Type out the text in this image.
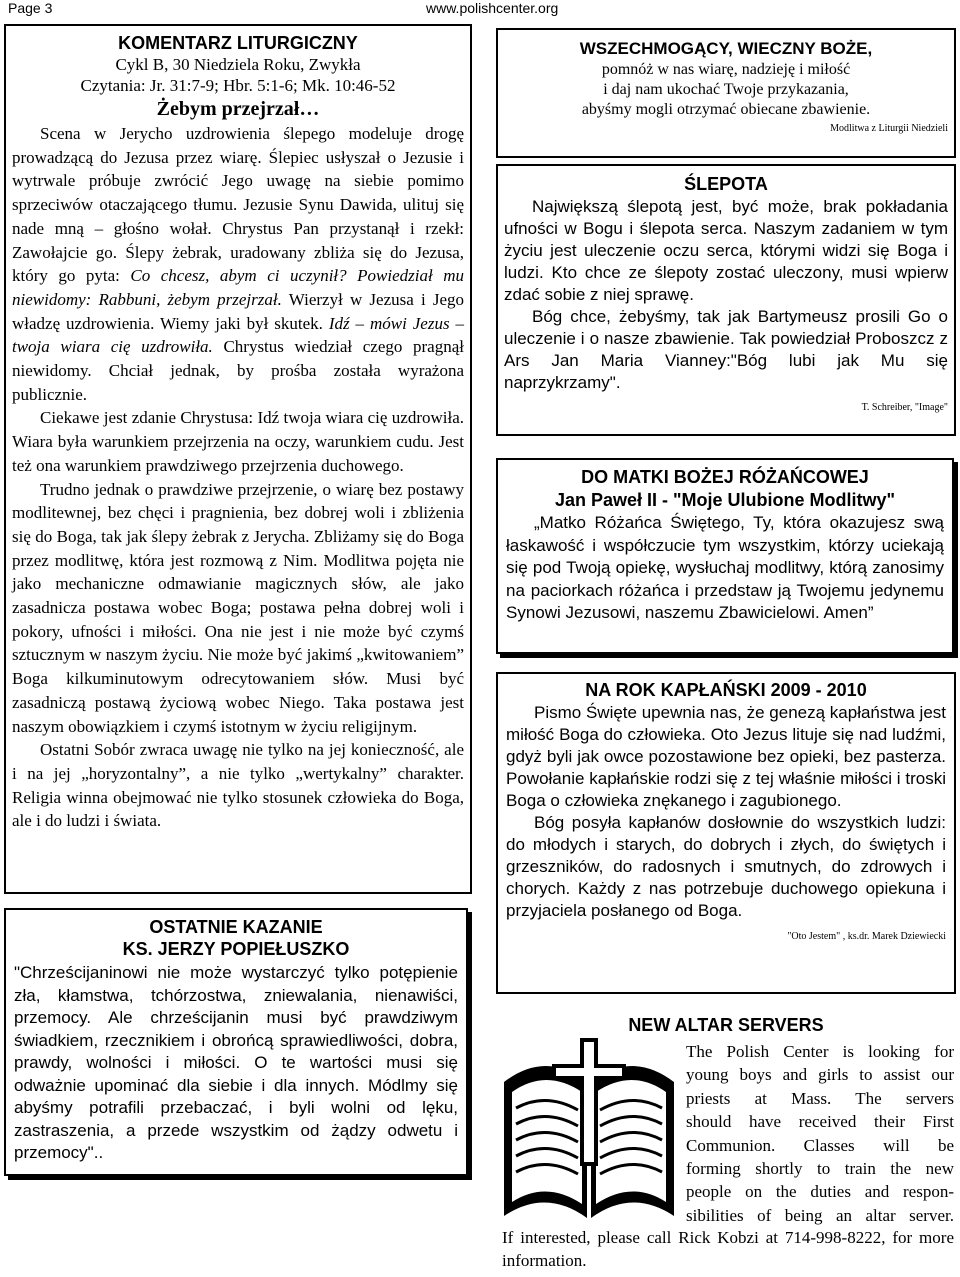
Page 3	www.polishcenter.org

KOMENTARZ LITURGICZNY

Cykl B, 30 Niedziela Roku, Zwykła

Czytania: Jr. 31:7-9; Hbr. 5:1-6; Mk. 10:46-52

Żebym przejrzał…

Scena w Jerycho uzdrowienia ślepego modeluje drogę prowadzącą do Jezusa przez wiarę. Ślepiec usłyszał o Jezusie i wytrwale próbuje zwrócić Jego uwagę na siebie pomimo sprzeciwów otaczającego tłumu. Jezusie Synu Dawida, ulituj się nade mną – głośno wołał. Chrystus Pan przystanął i rzekł: Zawołajcie go. Ślepy żebrak, uradowany zbliża się do Jezusa, który go pyta: Co chcesz, abym ci uczynił? Powiedział mu niewidomy: Rabbuni, żebym przejrzał. Wierzył w Jezusa i Jego władzę uzdrowienia. Wiemy jaki był skutek. Idź – mówi Jezus – twoja wiara cię uzdrowiła. Chrystus wiedział czego pragnął niewidomy. Chciał jednak, by prośba została wyrażona publicznie.

Ciekawe jest zdanie Chrystusa: Idź twoja wiara cię uzdrowiła. Wiara była warunkiem przejrzenia na oczy, warunkiem cudu. Jest też ona warunkiem prawdziwego przejrzenia duchowego.

Trudno jednak o prawdziwe przejrzenie, o wiarę bez postawy modlitewnej, bez chęci i pragnienia, bez dobrej woli i zbliżenia się do Boga, tak jak ślepy żebrak z Jerycha. Zbliżamy się do Boga przez modlitwę, która jest rozmową z Nim. Modlitwa pojęta nie jako mechaniczne odmawianie magicznych słów, ale jako zasadnicza postawa wobec Boga; postawa pełna dobrej woli i pokory, ufności i miłości. Ona nie jest i nie może być czymś sztucznym w naszym życiu. Nie może być jakimś „kwitowaniem” Boga kilkuminutowym odrecytowaniem słów. Musi być zasadniczą postawą życiową wobec Niego. Taka postawa jest naszym obowiązkiem i czymś istotnym w życiu religijnym.

Ostatni Sobór zwraca uwagę nie tylko na jej konieczność, ale i na jej „horyzontalny”, a nie tylko „wertykalny” charakter. Religia winna obejmować nie tylko stosunek człowieka do Boga, ale i do ludzi i świata.

OSTATNIE KAZANIE

KS. JERZY POPIEŁUSZKO

"Chrześcijaninowi nie może wystarczyć tylko potępienie zła, kłamstwa, tchórzostwa, zniewalania, nienawiści, przemocy. Ale chrześcijanin musi być prawdziwym świadkiem, rzecznikiem i obrońcą sprawiedliwości, dobra, prawdy, wolności i miłości. O te wartości musi się odważnie upominać dla siebie i dla innych. Módlmy się abyśmy potrafili przebaczać, i byli wolni od lęku, zastraszenia, a przede wszystkim od żądzy odwetu i przemocy"..

WSZECHMOGĄCY, WIECZNY BOŻE,

pomnóż w nas wiarę, nadzieję i miłość

i daj nam ukochać Twoje przykazania,

abyśmy mogli otrzymać obiecane zbawienie.

Modlitwa z Liturgii Niedzieli

ŚLEPOTA

Największą ślepotą jest, być może, brak pokładania ufności w Bogu i ślepota serca. Naszym zadaniem w tym życiu jest uleczenie oczu serca, którymi widzi się Boga i ludzi. Kto chce ze ślepoty zostać uleczony, musi wpierw zdać sobie z niej sprawę.

Bóg chce, żebyśmy, tak jak Bartymeusz prosili Go o uleczenie i o nasze zbawienie. Tak powiedział Proboszcz z Ars Jan Maria Vianney:"Bóg lubi jak Mu się naprzykrzamy".

T. Schreiber, "Image"

DO MATKI BOŻEJ RÓŻAŃCOWEJ

Jan Paweł II - "Moje Ulubione Modlitwy"

„Matko Różańca Świętego, Ty, która okazujesz swą łaskawość i współczucie tym wszystkim, którzy uciekają się pod Twoją opiekę, wysłuchaj modlitwy, którą zanosimy na paciorkach różańca i przedstaw ją Twojemu jedynemu Synowi Jezusowi, naszemu Zbawicielowi. Amen”

NA ROK KAPŁAŃSKI 2009 - 2010

Pismo Święte upewnia nas, że genezą kapłaństwa jest miłość Boga do człowieka. Oto Jezus lituje się nad ludźmi, gdyż byli jak owce pozostawione bez opieki, bez pasterza. Powołanie kapłańskie rodzi się z tej właśnie miłości i troski Boga o człowieka znękanego i zagubionego.

Bóg posyła kapłanów dosłownie do wszystkich ludzi: do młodych i starych, do dobrych i złych, do świętych i grzeszników, do radosnych i smutnych, do zdrowych i chorych. Każdy z nas potrzebuje duchowego opiekuna i przyjaciela posłanego od Boga.

"Oto Jestem" , ks.dr. Marek Dziewiecki

NEW ALTAR SERVERS

The Polish Center is looking for

young boys and girls to assist our

priests at Mass. The servers

should have received their First

Communion. Classes will be

forming shortly to train the new

people on the duties and respon-

sibilities of being an altar server.

If interested, please call Rick Kobzi at 714-998-8222, for more information.
